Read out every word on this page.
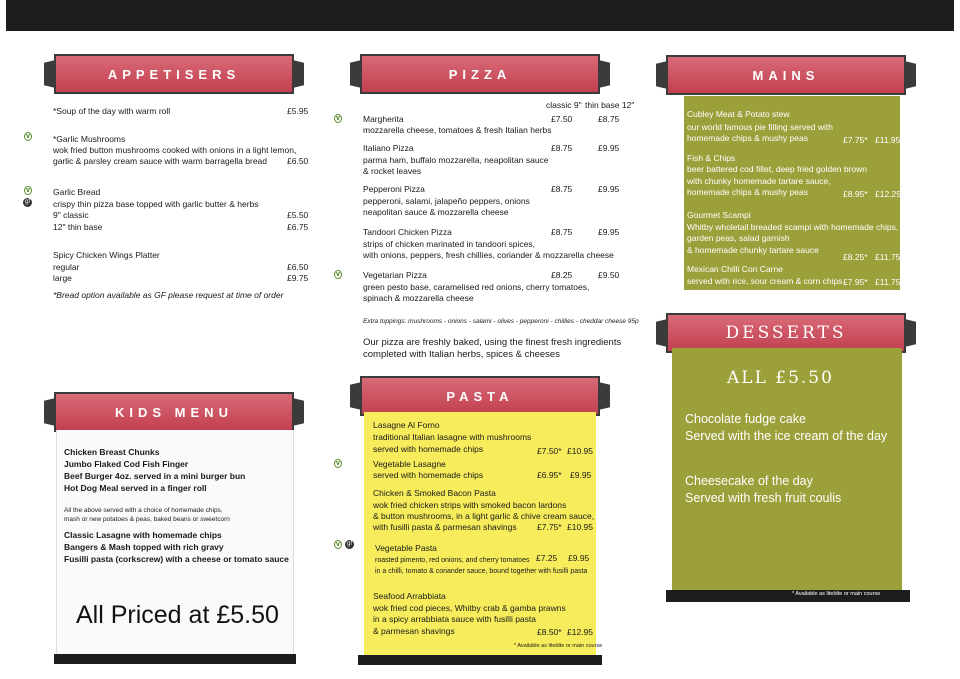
APPETISERS
*Soup of the day with warm roll	£5.95
v	*Garlic Mushrooms
wok fried button mushrooms cooked with onions in a light lemon,
garlic & parsley cream sauce with warm barragella bread £6.50
v
gf
Garlic Bread
crispy thin pizza base topped with garlic butter & herbs
9" classic	£5.50
12" thin base	£6.75
Spicy Chicken Wings Platter
regular	£6.50
large	£9.75
*Bread option available as GF please request at time of order
KIDS MENU
Chicken Breast Chunks
Jumbo Flaked Cod Fish Finger
Beef Burger 4oz. served in a mini burger bun
Hot Dog Meal served in a finger roll
All the above served with a choice of homemade chips,
mash or new potatoes & peas, baked beans or sweetcorn
Classic Lasagne with homemade chips
Bangers & Mash topped with rich gravy
Fusilli pasta (corkscrew) with a cheese or tomato sauce
All Priced at £5.50
PIZZA
classic 9" thin base 12"
v	Margherita
mozzarella cheese, tomatoes & fresh Italian herbs
£7.50	£8.75
Italiano Pizza
parma ham, buffalo mozzarella, neapolitan sauce
& rocket leaves
£8.75	£9.95
Pepperoni Pizza
pepperoni, salami, jalapeño peppers, onions
neapolitan sauce & mozzarella cheese
£8.75	£9.95
Tandoori Chicken Pizza
strips of chicken marinated in tandoori spices,
with onions, peppers, fresh chillies, coriander & mozzarella cheese
£8.75	£9.95
v	Vegetarian Pizza
green pesto base, caramelised red onions, cherry tomatoes,
spinach & mozzarella cheese
£8.25	£9.50
Extra toppings: mushrooms - onions - salami - olives - pepperoni - chillies - cheddar cheese 95p
Our pizza are freshly baked, using the finest fresh ingredients
completed with Italian herbs, spices & cheeses
PASTA
Lasagne Al Forno
traditional Italian lasagne with mushrooms
served with homemade chips	£7.50* £10.95
v	Vegetable Lasagne
served with homemade chips	£6.95* £9.95
Chicken & Smoked Bacon Pasta
wok fried chicken strips with smoked bacon lardons
& button mushrooms, in a light garlic & chive cream sauce,
with fusilli pasta & parmesan shavings £7.75* £10.95
v	gf	Vegetable Pasta
roasted pimento, red onions, and cherry tomatoes
in a chilli, tomato & coriander sauce, bound together with fusilli pasta
£7.25 £9.95
Seafood Arrabbiata
wok fried cod pieces, Whitby crab & gamba prawns
in a spicy arrabbiata sauce with fusilli pasta
& parmesan shavings	£8.50* £12.95
* Available as liteblte or main course
MAINS
Cubley Meat & Potato stew
our world famous pie filling served with
homemade chips & mushy peas	£7.75* £11.95
Fish & Chips
beer battered cod fillet, deep fried golden brown
with chunky homemade tartare sauce,
homemade chips & mushy peas	£8.95* £12.25
Gourmet Scampi
Whitby wholetail breaded scampi with homemade chips,
garden peas, salad garnish
& homemade chunky tartare sauce
£8.25* £11.75
Mexican Chilli Con Carne
served with rice, sour cream & corn chips £7.95* £11.75
DESSERTS
ALL £5.50
Chocolate fudge cake
Served with the ice cream of the day
Cheesecake of the day
Served with fresh fruit coulis
* Available as liteblte or main course
